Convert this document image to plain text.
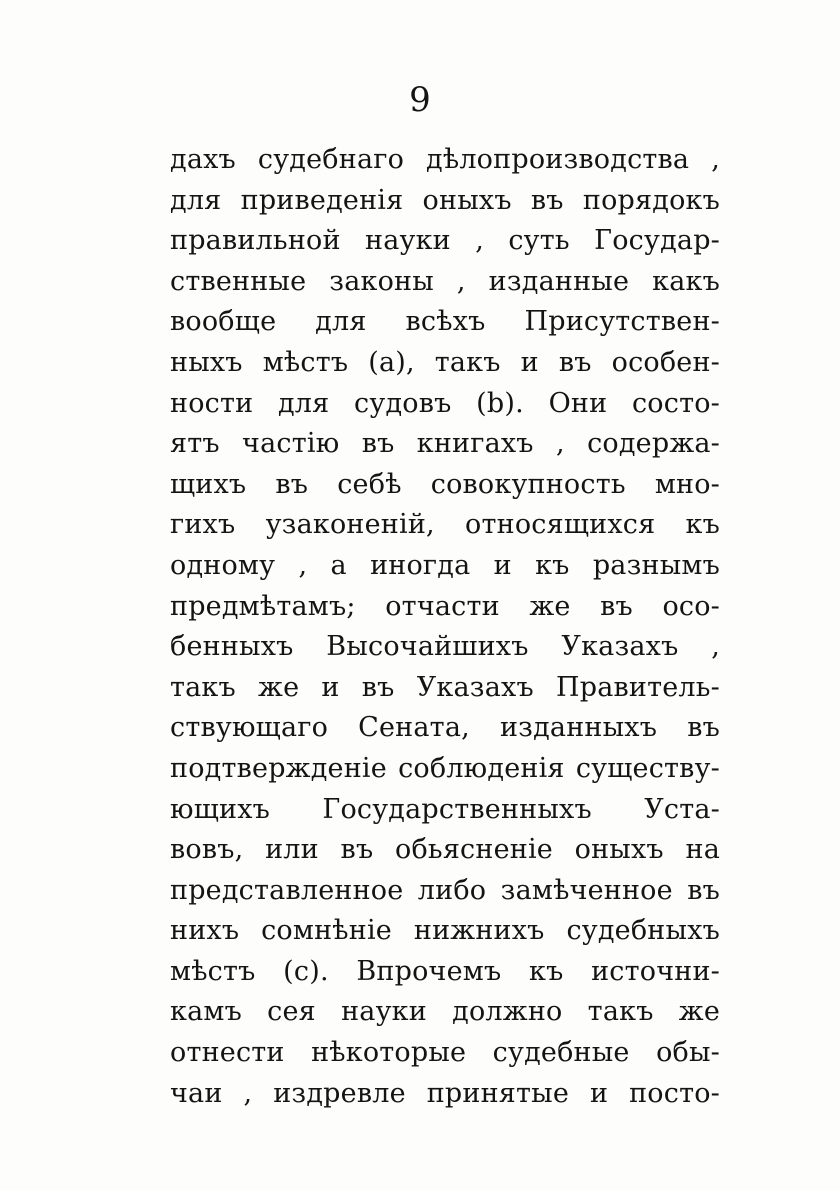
9
дахъ судебнаго дѣлопроизводства ,
для приведенія оныхъ въ порядокъ
правильной науки , суть Государ-
ственные законы , изданные какъ
вообще для всѣхъ Присутствен-
ныхъ мѣстъ (a), такъ и въ особен-
ности для судовъ (b). Они состо-
ятъ частію въ книгахъ , содержа-
щихъ въ себѣ совокупность мно-
гихъ узаконеній, относящихся къ
одному , а иногда и къ разнымъ
предмѣтамъ; отчасти же въ осо-
бенныхъ Высочайшихъ Указахъ ,
такъ же и въ Указахъ Правитель-
ствующаго Сената, изданныхъ въ
подтвержденіе соблюденія существу-
ющихъ Государственныхъ Уста-
вовъ, или въ обьясненіе оныхъ на
представленное либо замѣченное въ
нихъ сомнѣніе нижнихъ судебныхъ
мѣстъ (c). Впрочемъ къ источни-
камъ сея науки должно такъ же
отнести нѣкоторые судебные обы-
чаи , издревле принятые и посто-
